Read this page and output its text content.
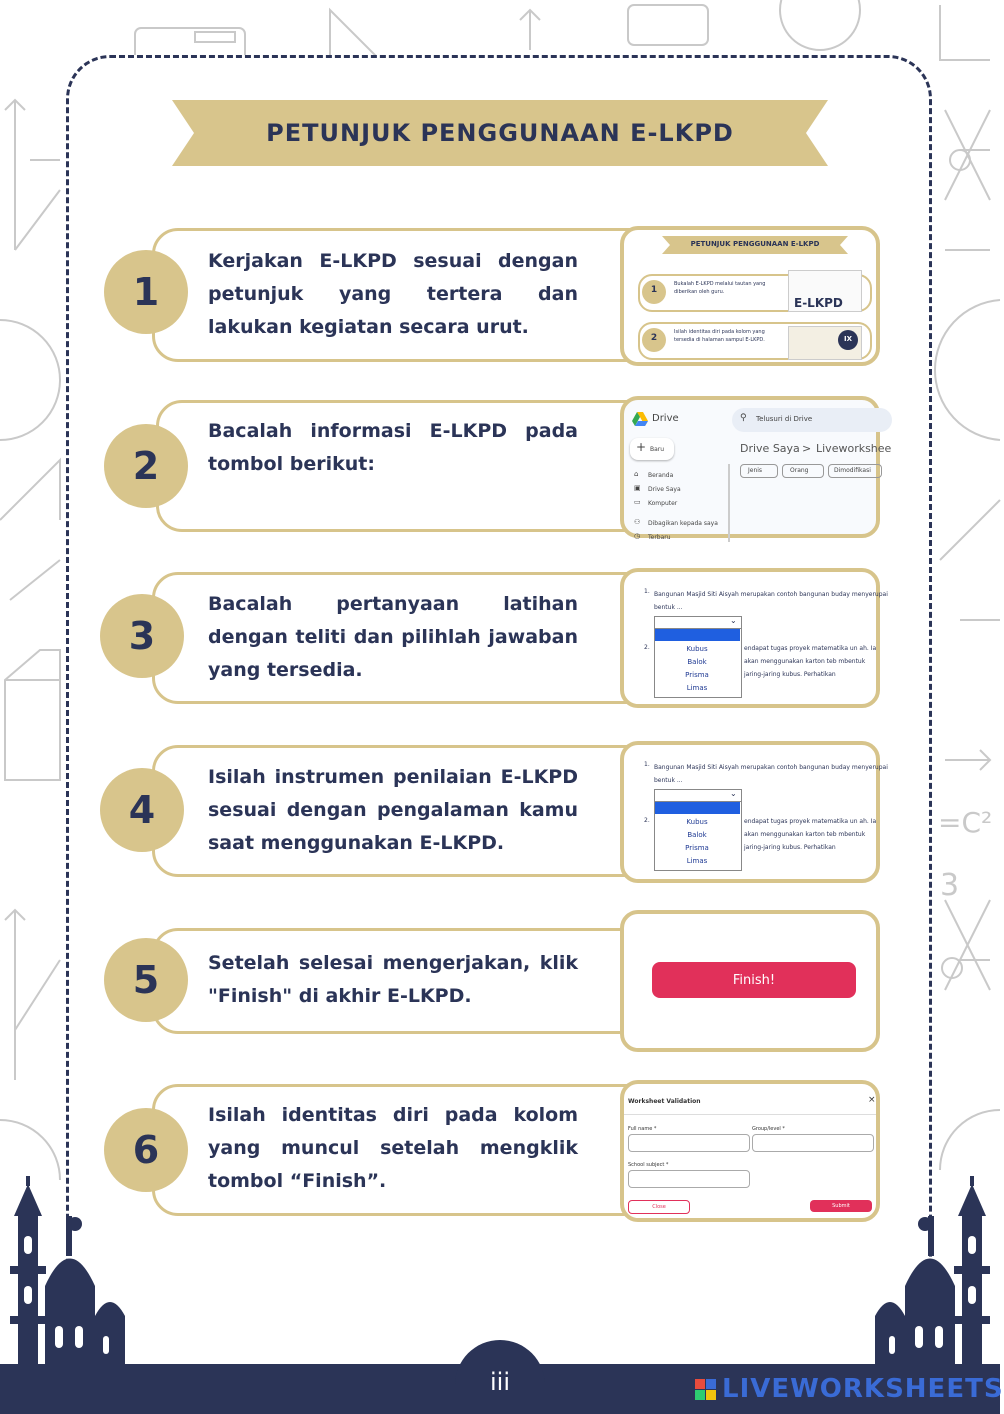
=C²
3
PETUNJUK PENGGUNAAN E-LKPD
1
Kerjakan E-LKPD sesuai dengan petunjuk yang tertera dan lakukan kegiatan secara urut.
PETUNJUK PENGGUNAAN E-LKPD
1
Bukalah E-LKPD melalui tautan yang diberikan oleh guru.
E-LKPD
2
Isilah identitas diri pada kolom yang tersedia di halaman sampul E-LKPD.	IX
2
Bacalah informasi E-LKPD pada tombol berikut:
Drive	⚲ Telusuri di Drive
+ Baru	Drive Saya > Liveworkshee
Jenis	Orang	Dimodifikasi
⌂ Beranda
▣ Drive Saya
▭ Komputer
⚇ Dibagikan kepada saya
◷ Terbaru
3
Bacalah pertanyaan latihan dengan teliti dan pilihlah jawaban yang tersedia.
1. Bangunan Masjid Siti Aisyah merupakan contoh bangunan buday menyerupai bentuk ...
⌄
Kubus
Balok
Prisma
Limas
2.	endapat tugas proyek matematika un ah. Ia akan menggunakan karton teb mbentuk jaring-jaring kubus. Perhatikan
4
Isilah instrumen penilaian E-LKPD sesuai dengan pengalaman kamu saat menggunakan E-LKPD.
1. Bangunan Masjid Siti Aisyah merupakan contoh bangunan buday menyerupai bentuk ...
⌄
Kubus
Balok
Prisma
Limas
2.	endapat tugas proyek matematika un ah. Ia akan menggunakan karton teb mbentuk jaring-jaring kubus. Perhatikan
5	Setelah selesai mengerjakan, klik "Finish" di akhir E-LKPD.
Finish!
6
Isilah identitas diri pada kolom yang muncul setelah mengklik tombol “Finish”.
Worksheet Validation	×
Full name *	Group/level *
School subject *
Close	Submit
iii	LIVEWORKSHEETS
